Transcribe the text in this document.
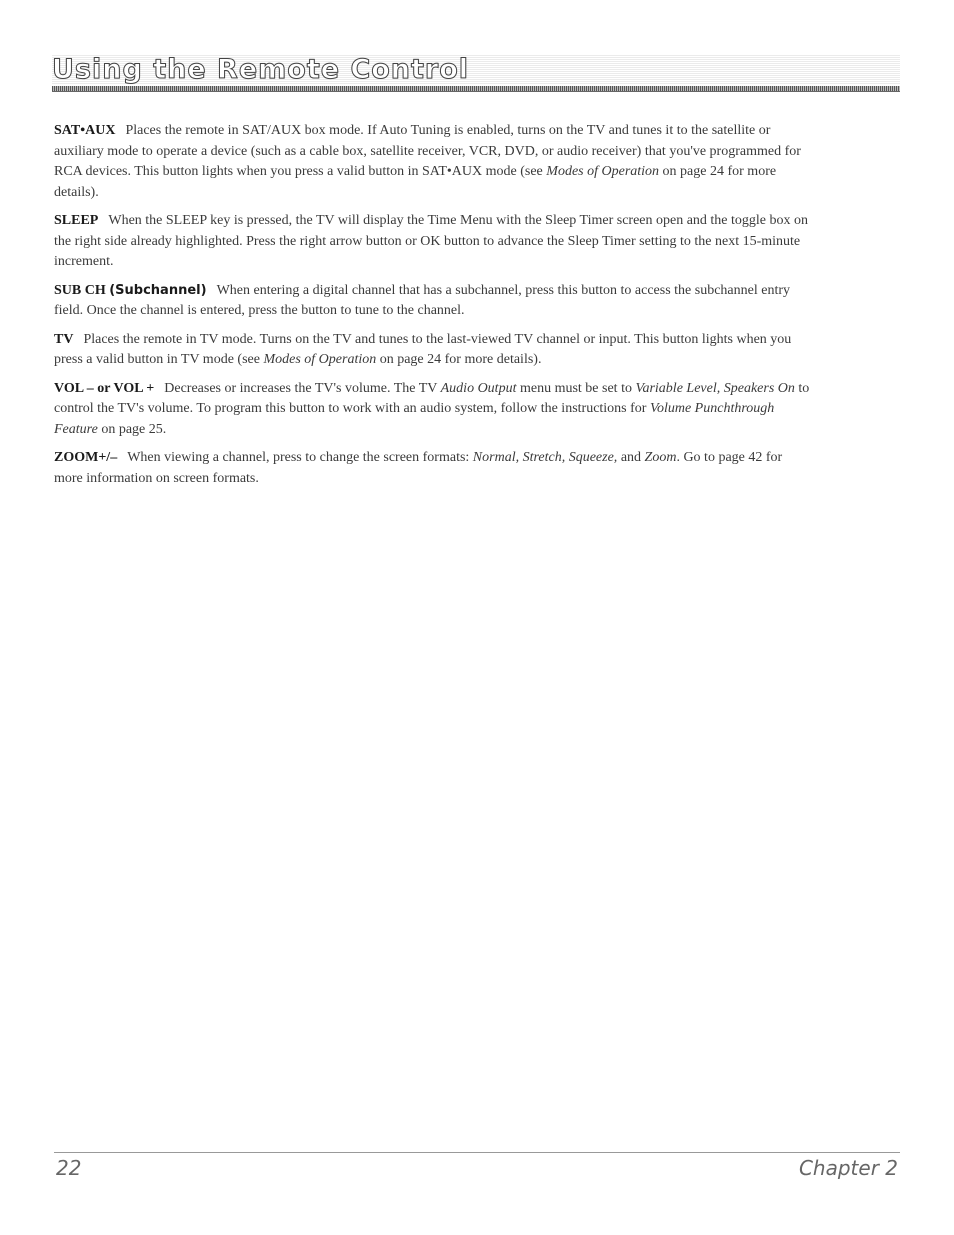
Using the Remote Control

SAT•AUX Places the remote in SAT/AUX box mode. If Auto Tuning is enabled, turns on the TV and tunes it to the satellite or auxiliary mode to operate a device (such as a cable box, satellite receiver, VCR, DVD, or audio receiver) that you've programmed for RCA devices. This button lights when you press a valid button in SAT•AUX mode (see Modes of Operation on page 24 for more details).

SLEEP When the SLEEP key is pressed, the TV will display the Time Menu with the Sleep Timer screen open and the toggle box on the right side already highlighted. Press the right arrow button or OK button to advance the Sleep Timer setting to the next 15-minute increment.

SUB CH (Subchannel) When entering a digital channel that has a subchannel, press this button to access the subchannel entry field. Once the channel is entered, press the button to tune to the channel.

TV Places the remote in TV mode. Turns on the TV and tunes to the last-viewed TV channel or input. This button lights when you press a valid button in TV mode (see Modes of Operation on page 24 for more details).

VOL – or VOL + Decreases or increases the TV's volume. The TV Audio Output menu must be set to Variable Level, Speakers On to control the TV's volume. To program this button to work with an audio system, follow the instructions for Volume Punchthrough Feature on page 25.

ZOOM+/– When viewing a channel, press to change the screen formats: Normal, Stretch, Squeeze, and Zoom. Go to page 42 for more information on screen formats.

22	Chapter 2
